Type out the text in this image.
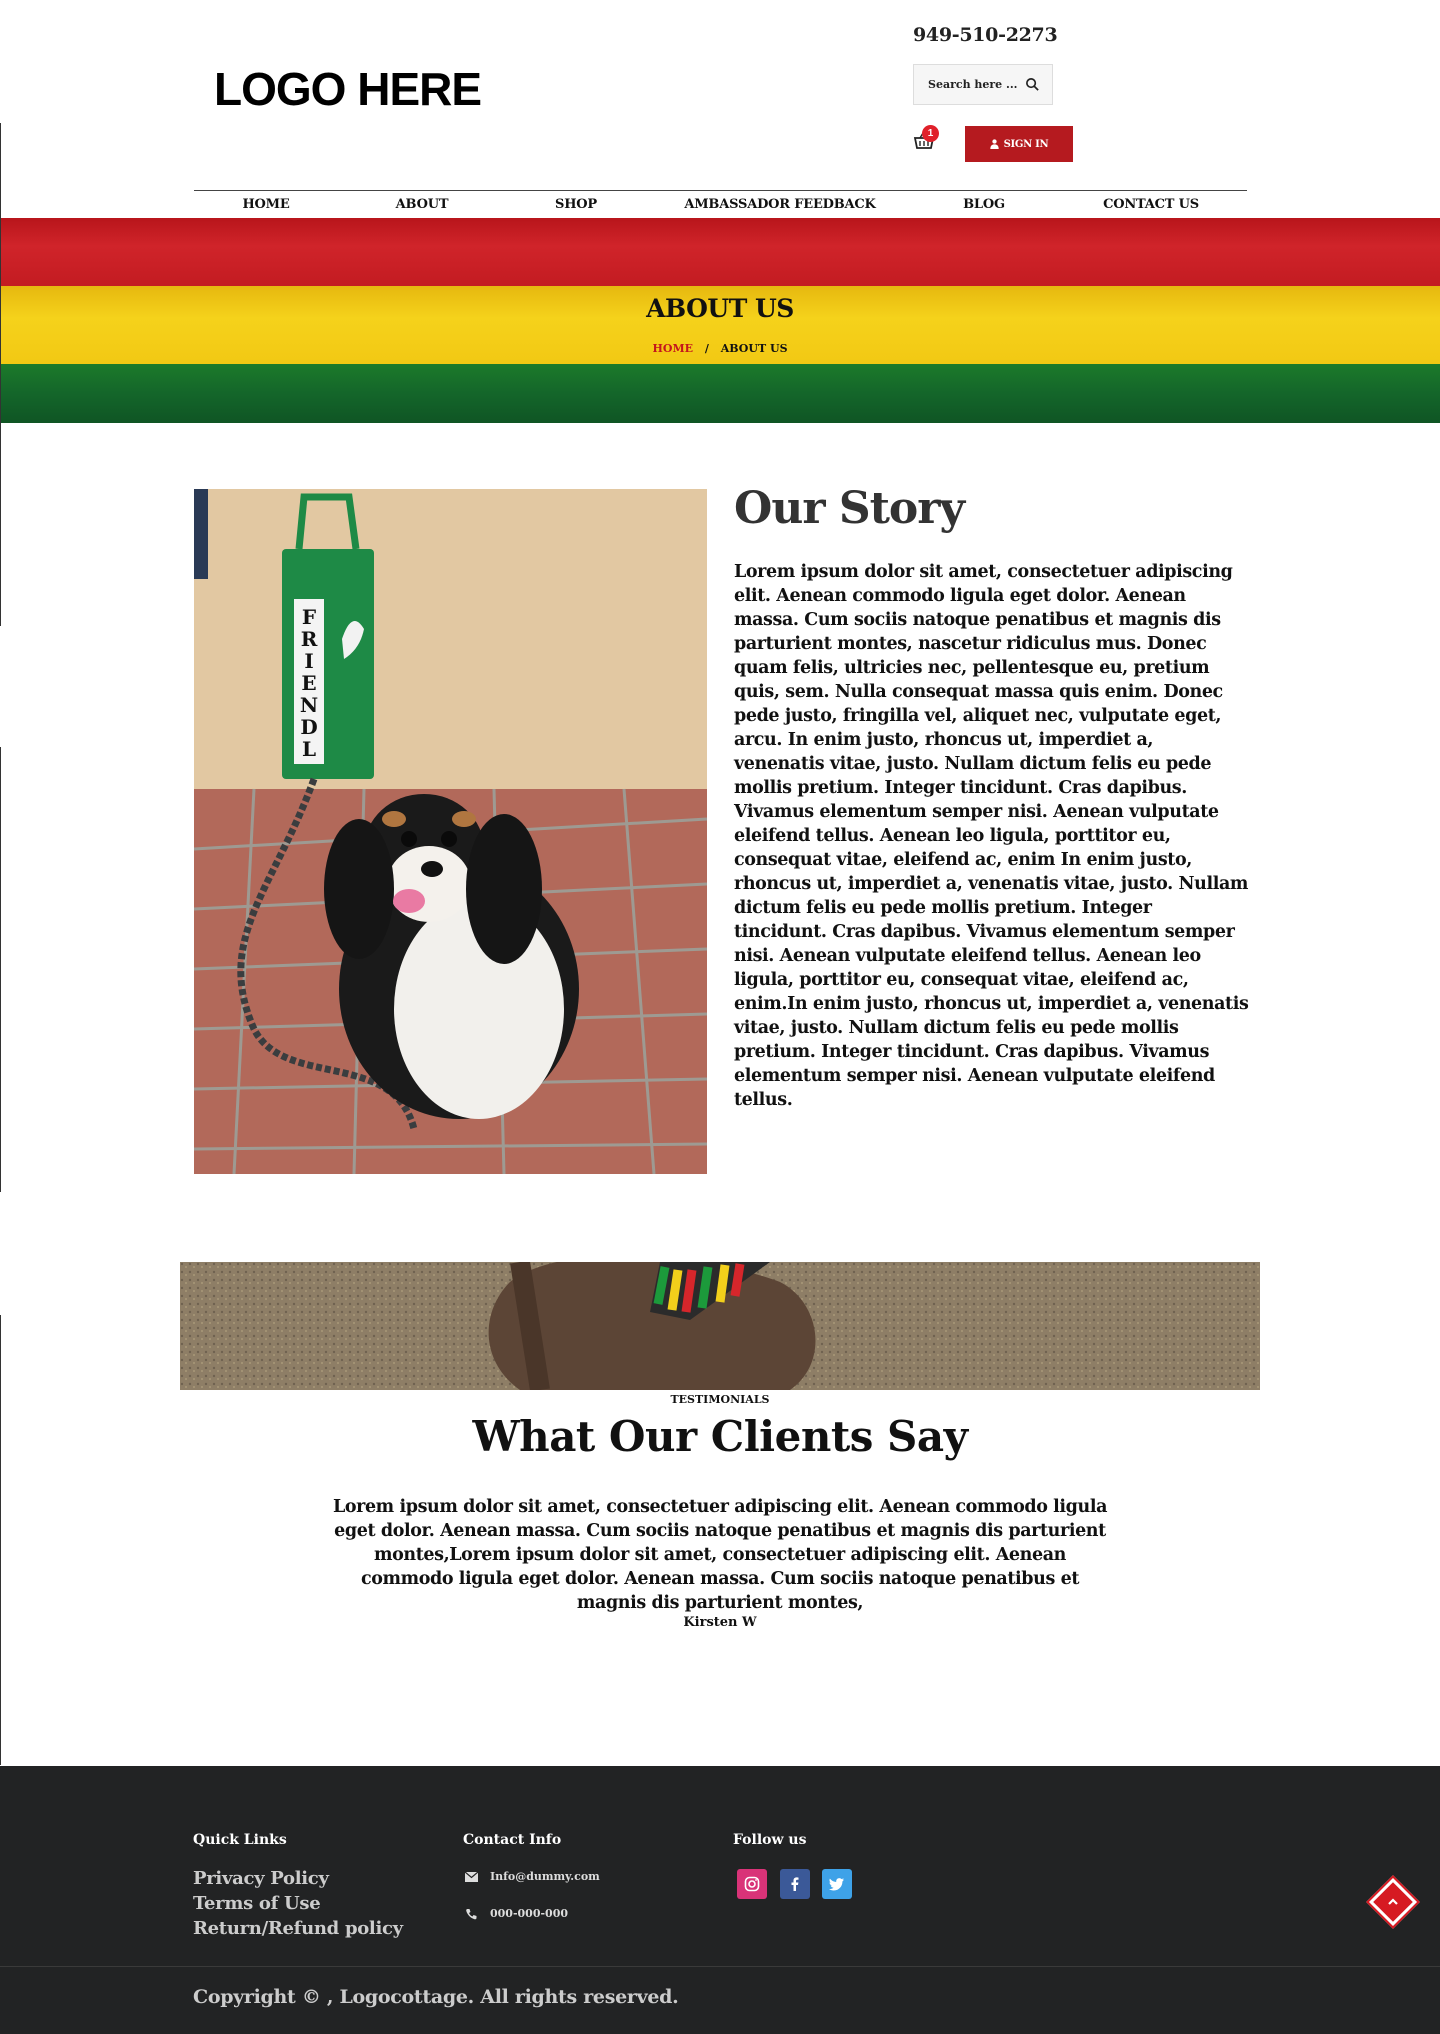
LOGO HERE
949-510-2273
Search here ...
1
SIGN IN
HOME	ABOUT	SHOP	AMBASSADOR FEEDBACK	BLOG	CONTACT US
ABOUT US
HOME / ABOUT US
F
R
I
E
N
D
L
Our Story
Lorem ipsum dolor sit amet, consectetuer adipiscing elit. Aenean commodo ligula eget dolor. Aenean massa. Cum sociis natoque penatibus et magnis dis parturient montes, nascetur ridiculus mus. Donec quam felis, ultricies nec, pellentesque eu, pretium quis, sem. Nulla consequat massa quis enim. Donec pede justo, fringilla vel, aliquet nec, vulputate eget, arcu. In enim justo, rhoncus ut, imperdiet a, venenatis vitae, justo. Nullam dictum felis eu pede mollis pretium. Integer tincidunt. Cras dapibus. Vivamus elementum semper nisi. Aenean vulputate eleifend tellus. Aenean leo ligula, porttitor eu, consequat vitae, eleifend ac, enim In enim justo, rhoncus ut, imperdiet a, venenatis vitae, justo. Nullam dictum felis eu pede mollis pretium. Integer tincidunt. Cras dapibus. Vivamus elementum semper nisi. Aenean vulputate eleifend tellus. Aenean leo ligula, porttitor eu, consequat vitae, eleifend ac, enim.In enim justo, rhoncus ut, imperdiet a, venenatis vitae, justo. Nullam dictum felis eu pede mollis pretium. Integer tincidunt. Cras dapibus. Vivamus elementum semper nisi. Aenean vulputate eleifend tellus.
TESTIMONIALS
What Our Clients Say
Lorem ipsum dolor sit amet, consectetuer adipiscing elit. Aenean commodo ligula eget dolor. Aenean massa. Cum sociis natoque penatibus et magnis dis parturient montes,Lorem ipsum dolor sit amet, consectetuer adipiscing elit. Aenean commodo ligula eget dolor. Aenean massa. Cum sociis natoque penatibus et magnis dis parturient montes,
Kirsten W
Quick Links
Privacy Policy
Terms of Use
Return/Refund policy
Contact Info
Info@dummy.com
000-000-000
Follow us
Copyright © , Logocottage. All rights reserved.
